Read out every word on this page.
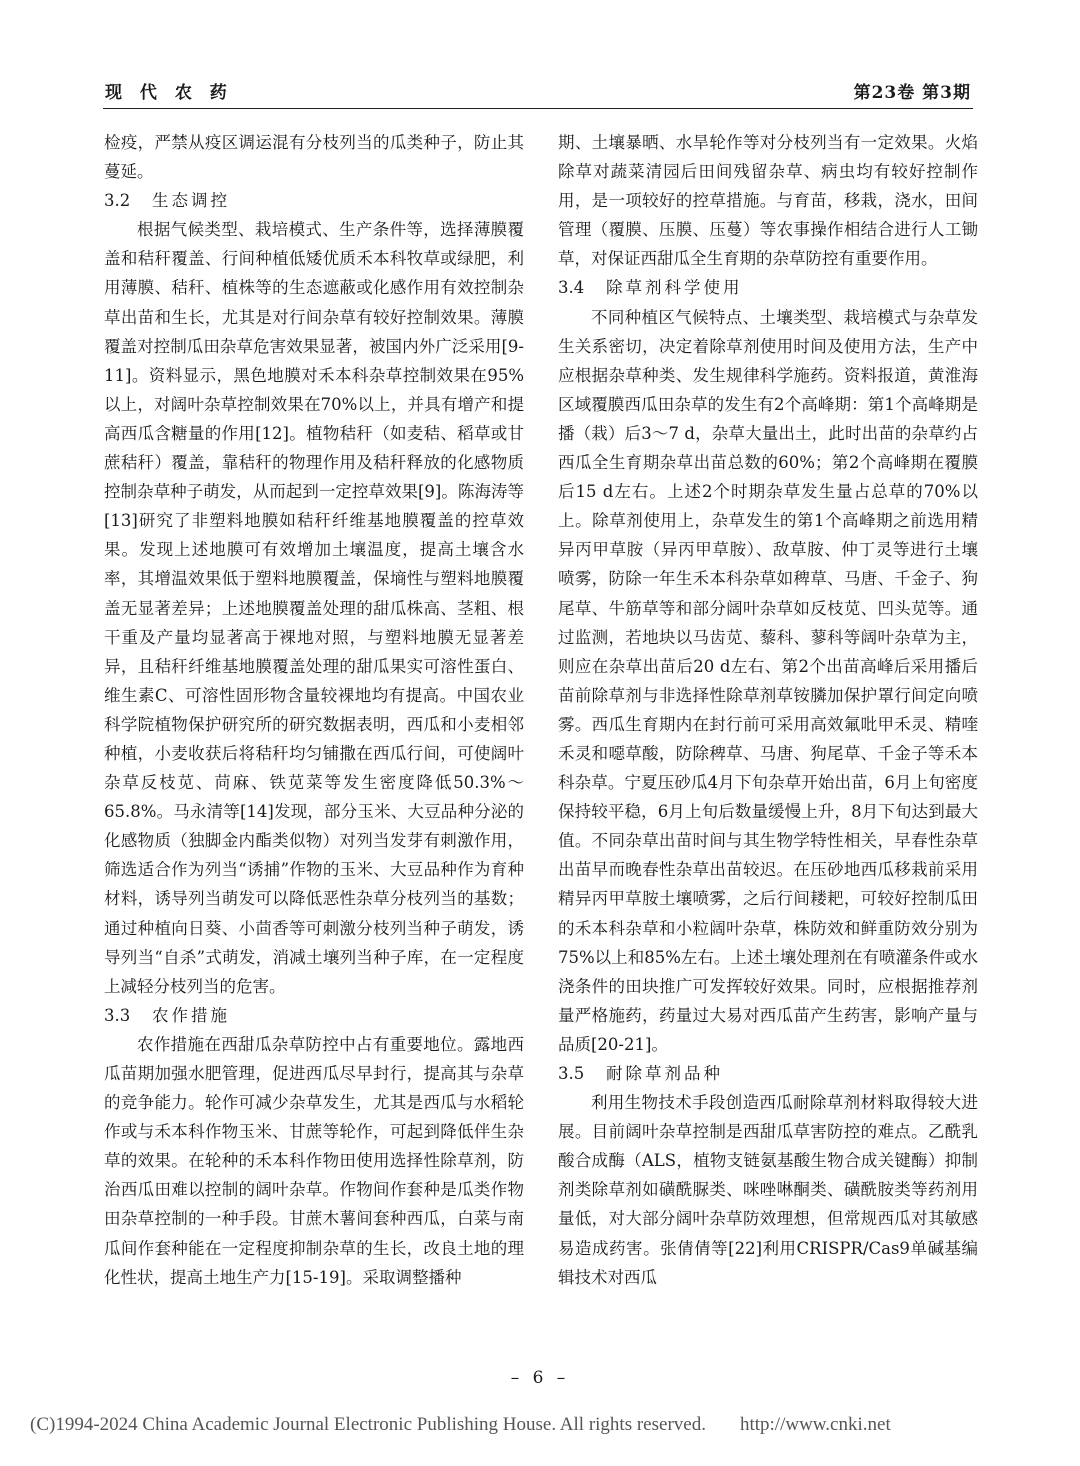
现 代 农 药	第23卷 第3期

检疫，严禁从疫区调运混有分枝列当的瓜类种子，防止其蔓延。

3.2 生态调控

根据气候类型、栽培模式、生产条件等，选择薄膜覆盖和秸秆覆盖、行间种植低矮优质禾本科牧草或绿肥，利用薄膜、秸秆、植株等的生态遮蔽或化感作用有效控制杂草出苗和生长，尤其是对行间杂草有较好控制效果。薄膜覆盖对控制瓜田杂草危害效果显著，被国内外广泛采用[9-11]。资料显示，黑色地膜对禾本科杂草控制效果在95%以上，对阔叶杂草控制效果在70%以上，并具有增产和提高西瓜含糖量的作用[12]。植物秸秆（如麦秸、稻草或甘蔗秸秆）覆盖，靠秸秆的物理作用及秸秆释放的化感物质控制杂草种子萌发，从而起到一定控草效果[9]。陈海涛等[13]研究了非塑料地膜如秸秆纤维基地膜覆盖的控草效果。发现上述地膜可有效增加土壤温度，提高土壤含水率，其增温效果低于塑料地膜覆盖，保墒性与塑料地膜覆盖无显著差异；上述地膜覆盖处理的甜瓜株高、茎粗、根干重及产量均显著高于裸地对照，与塑料地膜无显著差异，且秸秆纤维基地膜覆盖处理的甜瓜果实可溶性蛋白、维生素C、可溶性固形物含量较裸地均有提高。中国农业科学院植物保护研究所的研究数据表明，西瓜和小麦相邻种植，小麦收获后将秸秆均匀铺撒在西瓜行间，可使阔叶杂草反枝苋、苘麻、铁苋菜等发生密度降低50.3%～65.8%。马永清等[14]发现，部分玉米、大豆品种分泌的化感物质（独脚金内酯类似物）对列当发芽有刺激作用，筛选适合作为列当“诱捕”作物的玉米、大豆品种作为育种材料，诱导列当萌发可以降低恶性杂草分枝列当的基数；通过种植向日葵、小茴香等可刺激分枝列当种子萌发，诱导列当“自杀”式萌发，消减土壤列当种子库，在一定程度上减轻分枝列当的危害。

3.3 农作措施

农作措施在西甜瓜杂草防控中占有重要地位。露地西瓜苗期加强水肥管理，促进西瓜尽早封行，提高其与杂草的竞争能力。轮作可减少杂草发生，尤其是西瓜与水稻轮作或与禾本科作物玉米、甘蔗等轮作，可起到降低伴生杂草的效果。在轮种的禾本科作物田使用选择性除草剂，防治西瓜田难以控制的阔叶杂草。作物间作套种是瓜类作物田杂草控制的一种手段。甘蔗木薯间套种西瓜，白菜与南瓜间作套种能在一定程度抑制杂草的生长，改良土地的理化性状，提高土地生产力[15-19]。采取调整播种

期、土壤暴晒、水旱轮作等对分枝列当有一定效果。火焰除草对蔬菜清园后田间残留杂草、病虫均有较好控制作用，是一项较好的控草措施。与育苗，移栽，浇水，田间管理（覆膜、压膜、压蔓）等农事操作相结合进行人工锄草，对保证西甜瓜全生育期的杂草防控有重要作用。

3.4 除草剂科学使用

不同种植区气候特点、土壤类型、栽培模式与杂草发生关系密切，决定着除草剂使用时间及使用方法，生产中应根据杂草种类、发生规律科学施药。资料报道，黄淮海区域覆膜西瓜田杂草的发生有2个高峰期：第1个高峰期是播（栽）后3～7 d，杂草大量出土，此时出苗的杂草约占西瓜全生育期杂草出苗总数的60%；第2个高峰期在覆膜后15 d左右。上述2个时期杂草发生量占总草的70%以上。除草剂使用上，杂草发生的第1个高峰期之前选用精异丙甲草胺（异丙甲草胺）、敌草胺、仲丁灵等进行土壤喷雾，防除一年生禾本科杂草如稗草、马唐、千金子、狗尾草、牛筋草等和部分阔叶杂草如反枝苋、凹头苋等。通过监测，若地块以马齿苋、藜科、蓼科等阔叶杂草为主，则应在杂草出苗后20 d左右、第2个出苗高峰后采用播后苗前除草剂与非选择性除草剂草铵膦加保护罩行间定向喷雾。西瓜生育期内在封行前可采用高效氟吡甲禾灵、精喹禾灵和噁草酸，防除稗草、马唐、狗尾草、千金子等禾本科杂草。宁夏压砂瓜4月下旬杂草开始出苗，6月上旬密度保持较平稳，6月上旬后数量缓慢上升，8月下旬达到最大值。不同杂草出苗时间与其生物学特性相关，早春性杂草出苗早而晚春性杂草出苗较迟。在压砂地西瓜移栽前采用精异丙甲草胺土壤喷雾，之后行间耧耙，可较好控制瓜田的禾本科杂草和小粒阔叶杂草，株防效和鲜重防效分别为75%以上和85%左右。上述土壤处理剂在有喷灌条件或水浇条件的田块推广可发挥较好效果。同时，应根据推荐剂量严格施药，药量过大易对西瓜苗产生药害，影响产量与品质[20-21]。

3.5 耐除草剂品种

利用生物技术手段创造西瓜耐除草剂材料取得较大进展。目前阔叶杂草控制是西甜瓜草害防控的难点。乙酰乳酸合成酶（ALS，植物支链氨基酸生物合成关键酶）抑制剂类除草剂如磺酰脲类、咪唑啉酮类、磺酰胺类等药剂用量低，对大部分阔叶杂草防效理想，但常规西瓜对其敏感易造成药害。张倩倩等[22]利用CRISPR/Cas9单碱基编辑技术对西瓜

– 6 –
(C)1994-2024 China Academic Journal Electronic Publishing House. All rights reserved. http://www.cnki.net
